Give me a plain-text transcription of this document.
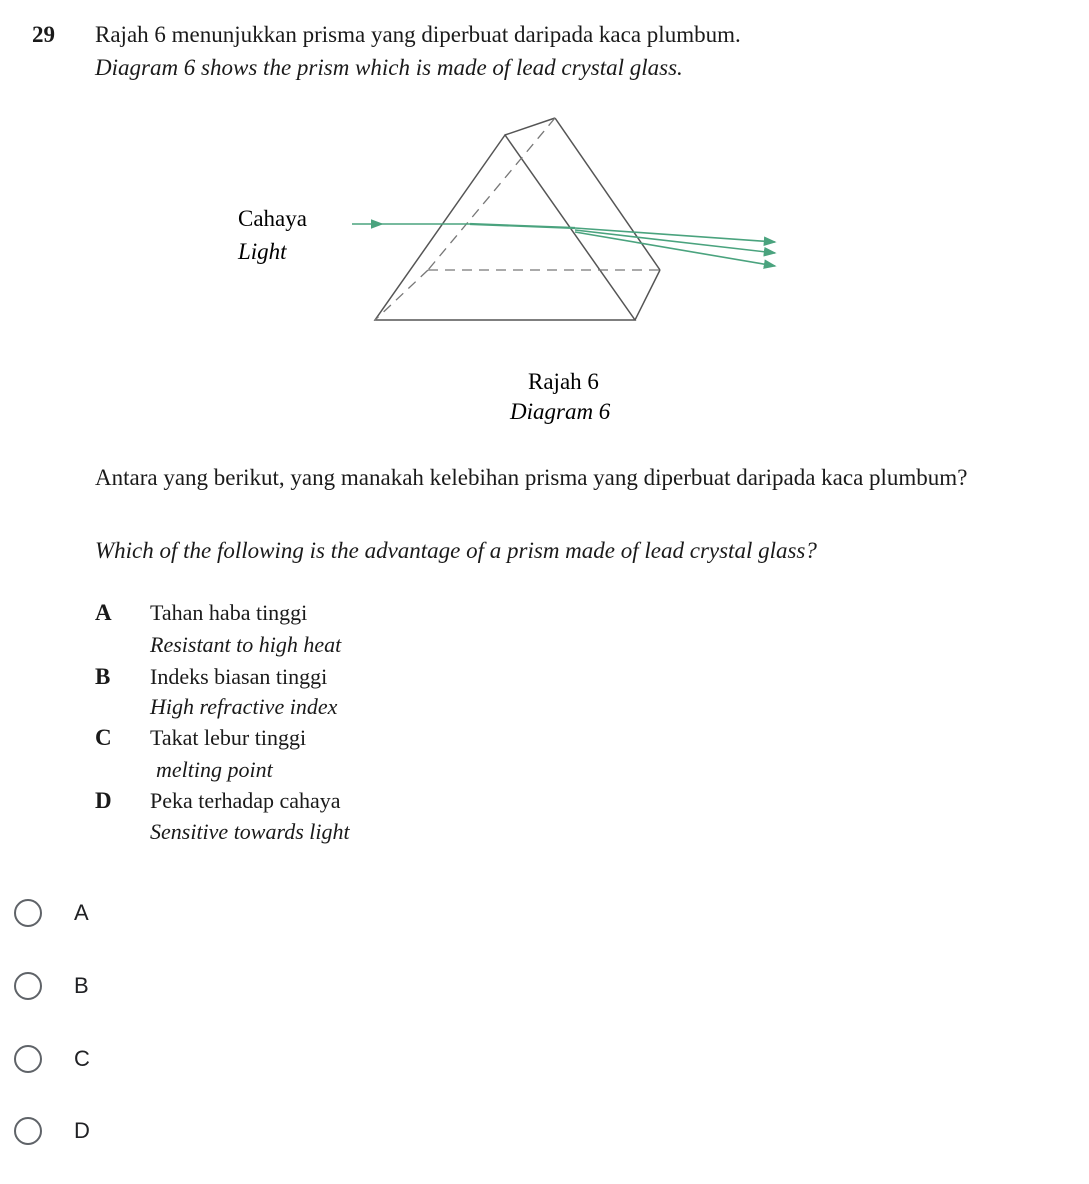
29 Rajah 6 menunjukkan prisma yang diperbuat daripada kaca plumbum.
Diagram 6 shows the prism which is made of lead crystal glass.
Cahaya
Light
Rajah 6
Diagram 6
Antara yang berikut, yang manakah kelebihan prisma yang diperbuat daripada kaca plumbum?
Which of the following is the advantage of a prism made of lead crystal glass?
A Tahan haba tinggi
Resistant to high heat
B Indeks biasan tinggi
High refractive index
C Takat lebur tinggi
melting point
D Peka terhadap cahaya
Sensitive towards light
A
B
C
D
